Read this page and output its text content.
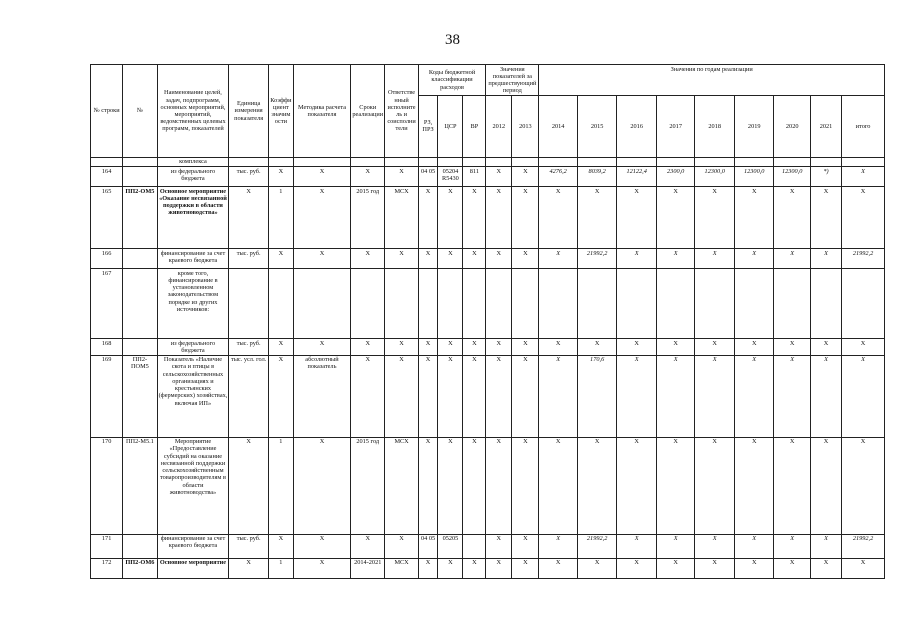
38
№ строки	№	Наименование целей, задач, подпрограмм, основных мероприятий, мероприятий, ведомственных целевых программ, показателей	Единица измерения показателя	Коэффициент значимости	Методика расчета показателя	Сроки реализации	Ответственный исполнитель и соисполнители	Коды бюджетной классификации расходов			Значения показателей за предшествующий период		Значения по годам реализации								
								РЗ, ПРЗ	ЦСР	ВР	2012	2013	2014	2015	2016	2017	2018	2019	2020	2021	итого
		комплекса																			
164		из федерального бюджета	тыс. руб.	X	X	X	X	04 05	05204 R5430	811	X	X	4276,2	8039,2	12122,4	2300,0	12300,0	12300,0	12300,0	*)	X
165	ПП2-ОМ5	Основное мероприятие «Оказание несвязанной поддержки в области животноводства»	X	1	X	2015 год	МСХ	X	X	X	X	X	X	X	X	X	X	X	X	X	X
166		финансирование за счет краевого бюджета	тыс. руб.	X	X	X	X	X	X	X	X	X	X	21992,2	X	X	X	X	X	X	21992,2
167		кроме того, финансирование в установленном законодательством порядке из других источников:																			
168		из федерального бюджета	тыс. руб.	X	X	X	X	X	X	X	X	X	X	X	X	X	X	X	X	X	X
169	ПП2-ПОМ5	Показатель «Наличие скота и птицы в сельскохозяйственных организациях и крестьянских (фермерских) хозяйствах, включая ИП»	тыс. усл. гол.	X	абсолютный показатель	X	X	X	X	X	X	X	X	170,6	X	X	X	X	X	X	X
170	ПП2-М5.1	Мероприятие «Предоставление субсидий на оказание несвязанной поддержки сельскохозяйственным товаропроизводителям в области животноводства»	X	1	X	2015 год	МСХ	X	X	X	X	X	X	X	X	X	X	X	X	X	X
171		финансирование за счет краевого бюджета	тыс. руб.	X	X	X	X	04 05	05205		X	X	X	21992,2	X	X	X	X	X	X	21992,2
172	ПП2-ОМ6	Основное мероприятие	X	1	X	2014-2021	МСХ	X	X	X	X	X	X	X	X	X	X	X	X	X	X
